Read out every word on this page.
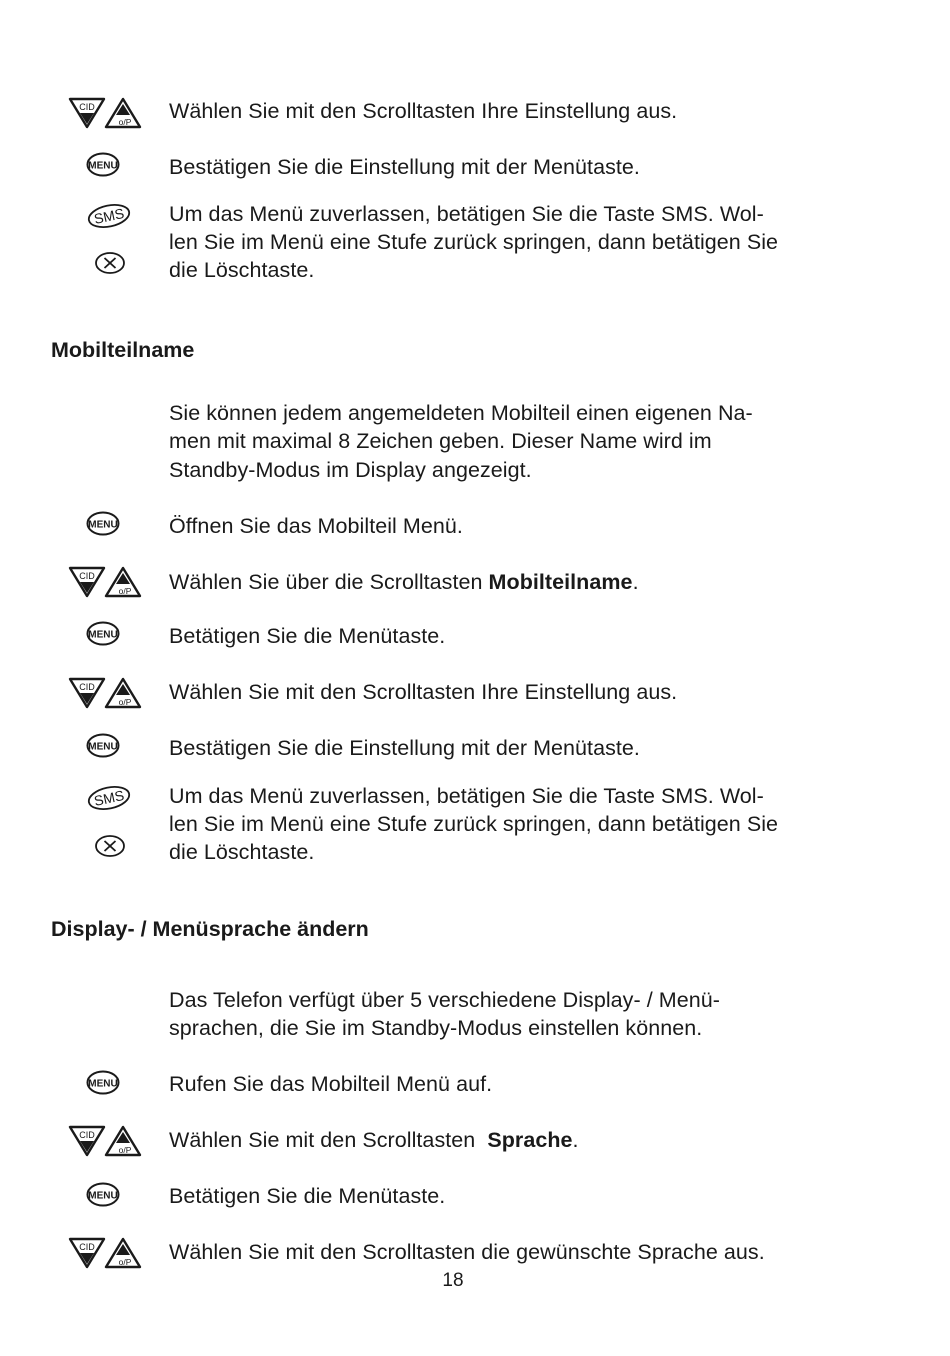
CID
o/P Wählen Sie mit den Scrolltasten Ihre Einstellung aus.
MENU Bestätigen Sie die Einstellung mit der Menütaste.
SMS Um das Menü zuverlassen, betätigen Sie die Taste SMS. Wol-
len Sie im Menü eine Stufe zurück springen, dann betätigen Sie
die Löschtaste.
Mobilteilname
Sie können jedem angemeldeten Mobilteil einen eigenen Na-
men mit maximal 8 Zeichen geben. Dieser Name wird im
Standby-Modus im Display angezeigt.
MENU Öffnen Sie das Mobilteil Menü.
CID
o/P Wählen Sie über die Scrolltasten Mobilteilname.
MENU Betätigen Sie die Menütaste.
CID
o/P Wählen Sie mit den Scrolltasten Ihre Einstellung aus.
MENU Bestätigen Sie die Einstellung mit der Menütaste.
SMS Um das Menü zuverlassen, betätigen Sie die Taste SMS. Wol-
len Sie im Menü eine Stufe zurück springen, dann betätigen Sie
die Löschtaste.
Display- / Menüsprache ändern
Das Telefon verfügt über 5 verschiedene Display- / Menü-
sprachen, die Sie im Standby-Modus einstellen können.
MENU Rufen Sie das Mobilteil Menü auf.
CID
o/P Wählen Sie mit den Scrolltasten  Sprache.
MENU Betätigen Sie die Menütaste.
CID
o/P Wählen Sie mit den Scrolltasten die gewünschte Sprache aus.
18
